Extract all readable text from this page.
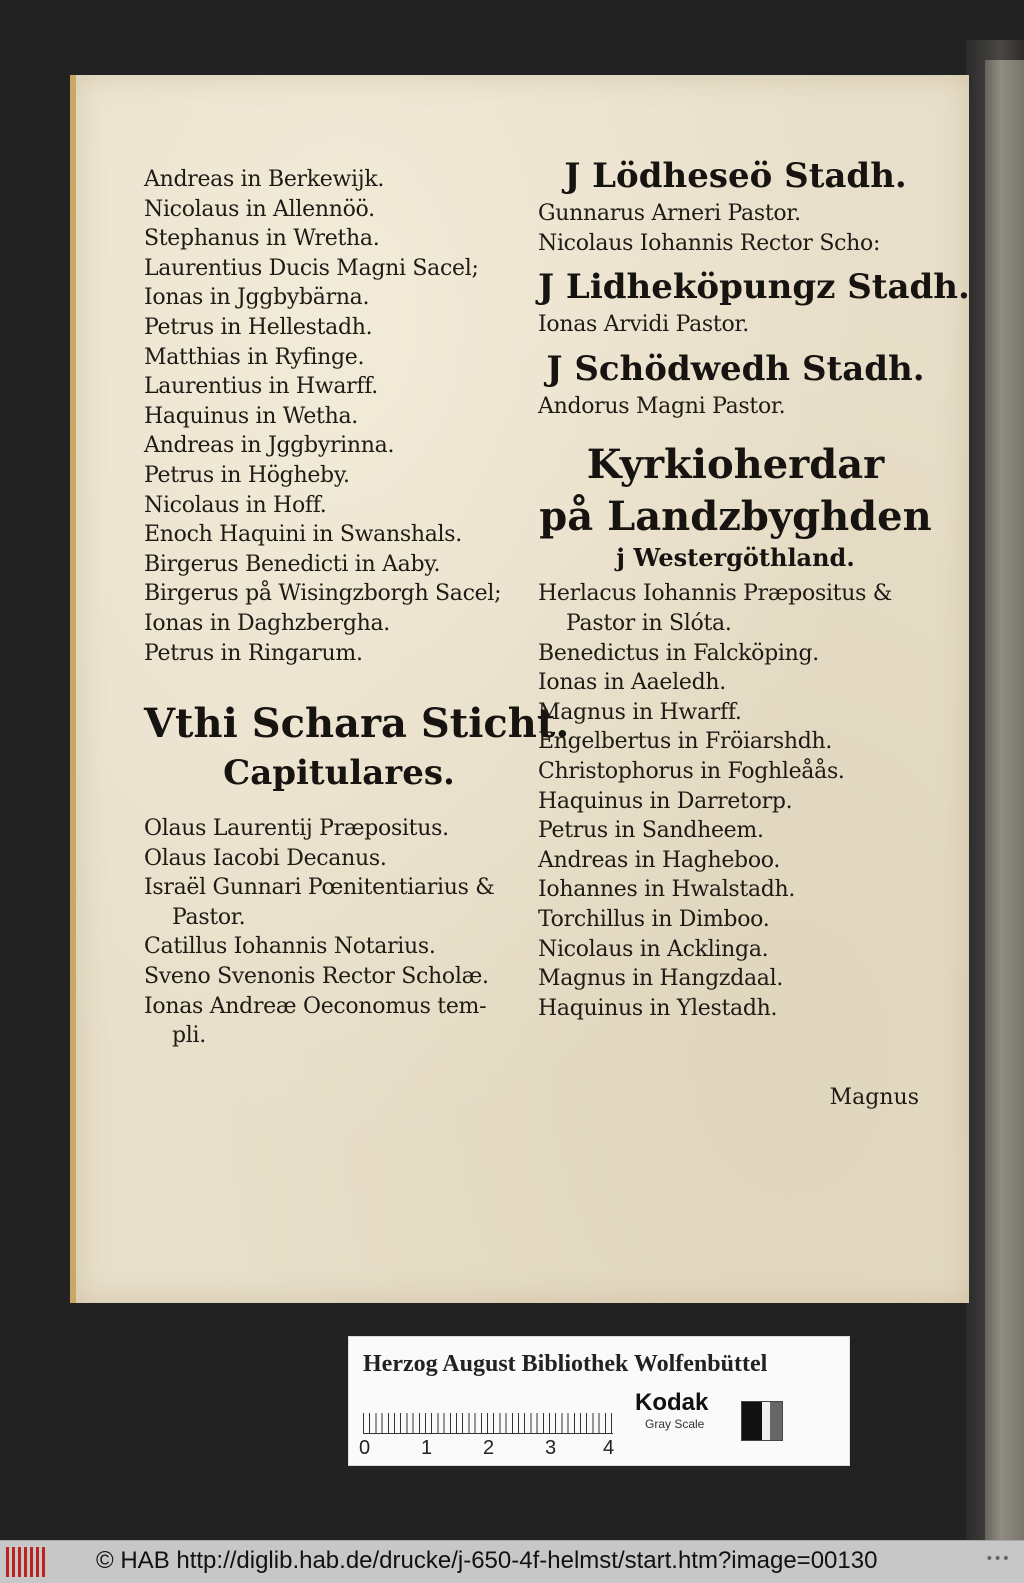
Andreas in Berkewijk.
Nicolaus in Allennöö.
Stephanus in Wretha.
Laurentius Ducis Magni Sacel;
Ionas in Jggbybärna.
Petrus in Hellestadh.
Matthias in Ryfinge.
Laurentius in Hwarff.
Haquinus in Wetha.
Andreas in Jggbyrinna.
Petrus in Högheby.
Nicolaus in Hoff.
Enoch Haquini in Swanshals.
Birgerus Benedicti in Aaby.
Birgerus på Wisingzborgh Sacel;
Ionas in Daghzbergha.
Petrus in Ringarum.
Vthi Schara Sticht.
Capitulares.
Olaus Laurentij Præpositus.
Olaus Iacobi Decanus.
Israël Gunnari Pœnitentiarius &
Pastor.
Catillus Iohannis Notarius.
Sveno Svenonis Rector Scholæ.
Ionas Andreæ Oeconomus tem-
pli.
J Lödheseö Stadh.
Gunnarus Arneri Pastor.
Nicolaus Iohannis Rector Scho:
J Lidheköpungz Stadh.
Ionas Arvidi Pastor.
J Schödwedh Stadh.
Andorus Magni Pastor.
Kyrkioherdar
på Landzbyghden
j Westergöthland.
Herlacus Iohannis Præpositus &
Pastor in Slóta.
Benedictus in Falcköping.
Ionas in Aaeledh.
Magnus in Hwarff.
Engelbertus in Fröiarshdh.
Christophorus in Foghleåås.
Haquinus in Darretorp.
Petrus in Sandheem.
Andreas in Hagheboo.
Iohannes in Hwalstadh.
Torchillus in Dimboo.
Nicolaus in Acklinga.
Magnus in Hangzdaal.
Haquinus in Ylestadh.
Magnus
Herzog August Bibliothek Wolfenbüttel
0	1	2	3 4
Kodak
Gray Scale
© HAB http://diglib.hab.de/drucke/j-650-4f-helmst/start.htm?image=00130	•••
